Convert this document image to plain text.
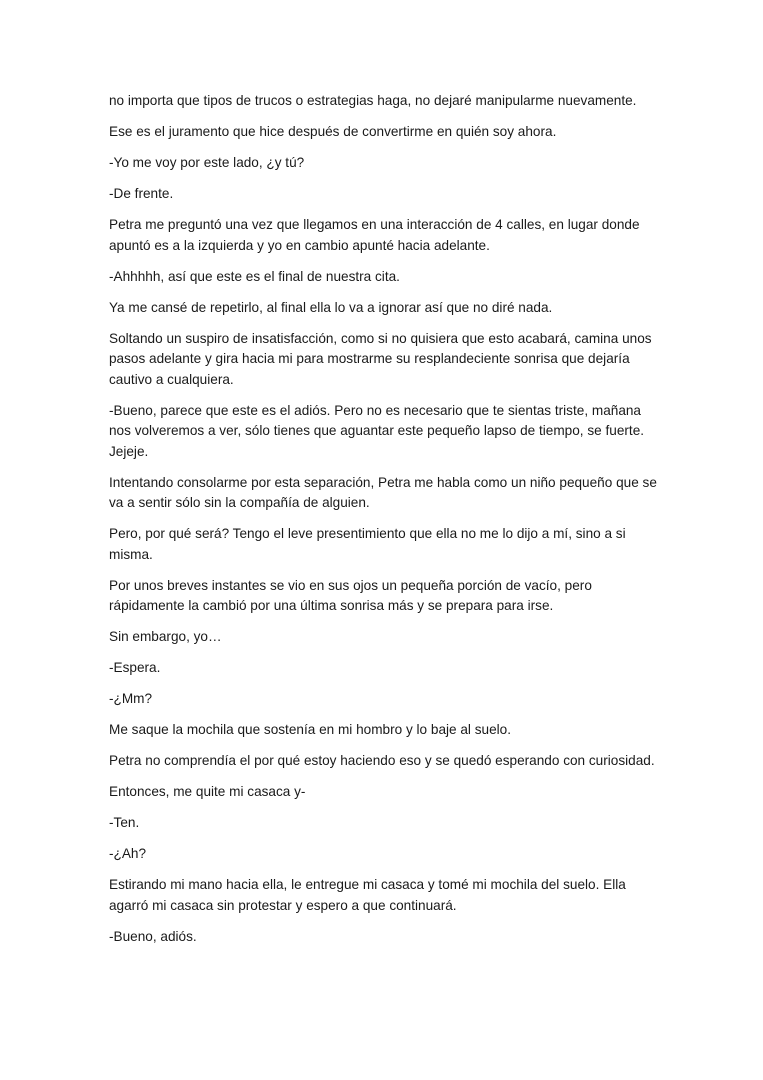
no importa que tipos de trucos o estrategias haga, no dejaré manipularme nuevamente.

Ese es el juramento que hice después de convertirme en quién soy ahora.

-Yo me voy por este lado, ¿y tú?

-De frente.

Petra me preguntó una vez que llegamos en una interacción de 4 calles, en lugar donde apuntó es a la izquierda y yo en cambio apunté hacia adelante.

-Ahhhhh, así que este es el final de nuestra cita.

Ya me cansé de repetirlo, al final ella lo va a ignorar así que no diré nada.

Soltando un suspiro de insatisfacción, como si no quisiera que esto acabará, camina unos pasos adelante y gira hacia mi para mostrarme su resplandeciente sonrisa que dejaría cautivo a cualquiera.

-Bueno, parece que este es el adiós. Pero no es necesario que te sientas triste, mañana nos volveremos a ver, sólo tienes que aguantar este pequeño lapso de tiempo, se fuerte. Jejeje.

Intentando consolarme por esta separación, Petra me habla como un niño pequeño que se va a sentir sólo sin la compañía de alguien.

Pero, por qué será? Tengo el leve presentimiento que ella no me lo dijo a mí, sino a si misma.

Por unos breves instantes se vio en sus ojos un pequeña porción de vacío, pero rápidamente la cambió por una última sonrisa más y se prepara para irse.

Sin embargo, yo…

-Espera.

-¿Mm?

Me saque la mochila que sostenía en mi hombro y lo baje al suelo.

Petra no comprendía el por qué estoy haciendo eso y se quedó esperando con curiosidad.

Entonces, me quite mi casaca y-

-Ten.

-¿Ah?

Estirando mi mano hacia ella, le entregue mi casaca y tomé mi mochila del suelo. Ella agarró mi casaca sin protestar y espero a que continuará.

-Bueno, adiós.
